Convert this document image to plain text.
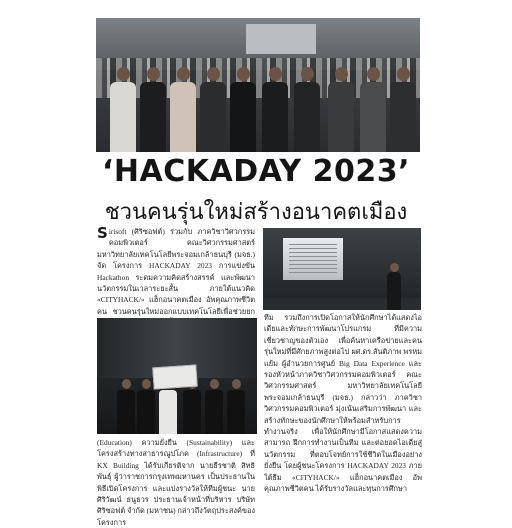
‘HACKADAY 2023’
ชวนคนรุ่นใหม่สร้างอนาคตเมือง
S irisoft (ศิริซอฟต์) ร่วมกับ ภาควิชาวิศวกรรมคอมพิวเตอร์ คณะวิศวกรรมศาสตร์ มหาวิทยาลัยเทคโนโลยีพระจอมเกล้าธนบุรี (มจธ.) จัด โครงการ HACKADAY 2023 การแข่งขัน Hackathon ระดมความคิดสร้างสรรค์ และพัฒนานวัตกรรมในเวลาระยะสั้น ภายใต้แนวคิด «CITYHACK/» แฮ็กอนาคตเมือง อัพคุณภาพชีวิตคน ชวนคนรุ่นใหม่ออกแบบเทคโนโลยีเพื่อช่วยยก

(Education) ความยั่งยืน (Sustainability) และโครงสร้างทางสาธารณูปโภค (Infrastructure) ที่ KX Building ได้รับเกียรติจาก นายธีรชาติ สิทธิพันธุ์ ผู้ว่าราชการกรุงเทพมหานคร เป็นประธานในพิธีเปิดโครงการ และแบ่งรางวัลให้ทีมผู้ชนะ นายศิริวัฒน์ ธนูธวร ประธานเจ้าหน้าที่บริหาร บริษัท ศิริซอฟต์ จำกัด (มหาชน) กล่าวถึงวัตถุประสงค์ของโครงการ

ทีม รวมถึงการเปิดโอกาสให้นักศึกษาได้แสดงไอเดียและทักษะการพัฒนาโปรแกรม ที่มีความเชี่ยวชาญของตัวเอง เพื่อค้นหาเครือข่ายและคนรุ่นใหม่ที่มีศักยภาพสูงต่อไป ผศ.ดร.สันติภาพ พรหมแย้ม ผู้อำนวยการศูนย์ Big Data Experience และรองหัวหน้าภาควิชาวิศวกรรมคอมพิวเตอร์ คณะวิศวกรรมศาสตร์ มหาวิทยาลัยเทคโนโลยีพระจอมเกล้าธนบุรี (มจธ.) กล่าวว่า ภาควิชาวิศวกรรมคอมพิวเตอร์ มุ่งเน้นเสริมการพัฒนา และสร้างทักษะของนักศึกษาให้พร้อมสำหรับการทำงานจริง เพื่อให้นักศึกษามีโอกาสแสดงความสามารถ ฝึกการทำงานเป็นทีม และต่อยอดไอเดียสู่นวัตกรรม ที่ตอบโจทย์การใช้ชีวิตในเมืองอย่างยั่งยืน โดยผู้ชนะโครงการ HACKADAY 2023 ภายใต้ธีม «CITYHACK/» แฮ็กอนาคตเมือง อัพคุณภาพชีวิตคน ได้รับรางวัลและทุนการศึกษา
